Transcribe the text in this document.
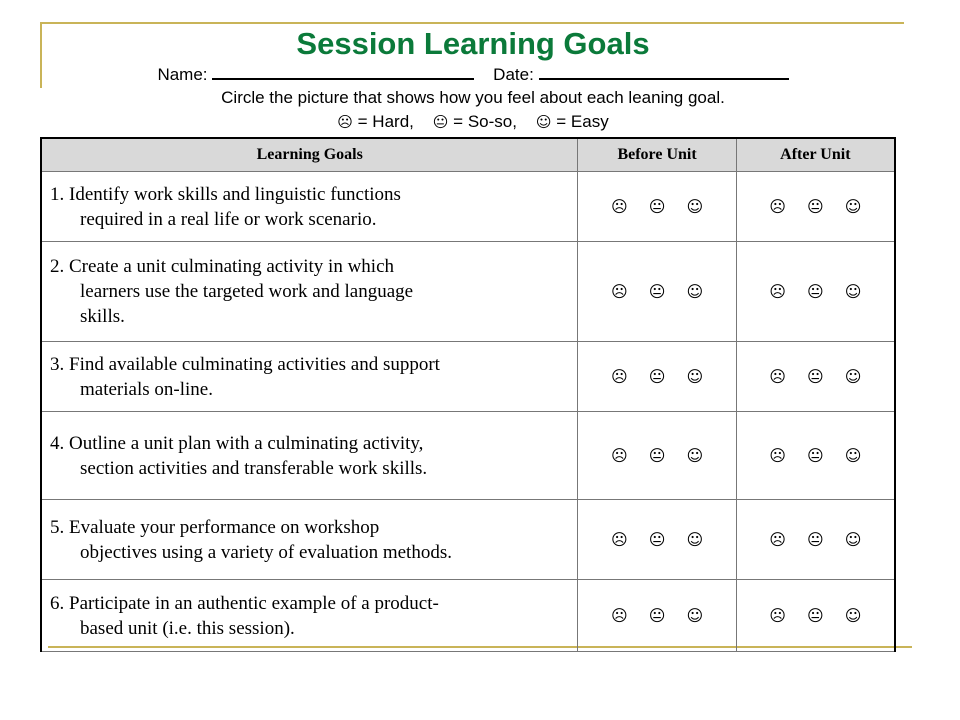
Session Learning Goals
Name:	Date:
Circle the picture that shows how you feel about each leaning goal.
☹ = Hard, 😐 = So-so, ☺ = Easy
Learning Goals	Before Unit	After Unit

1. Identify work skills and linguistic functions
required in a real life or work scenario.	☹ 😐 ☺	☹ 😐 ☺

2. Create a unit culminating activity in which
learners use the targeted work and language
skills.	☹ 😐 ☺	☹ 😐 ☺

3. Find available culminating activities and support
materials on-line.	☹ 😐 ☺	☹ 😐 ☺

4. Outline a unit plan with a culminating activity,
section activities and transferable work skills.	☹ 😐 ☺	☹ 😐 ☺

5. Evaluate your performance on workshop
objectives using a variety of evaluation methods.	☹ 😐 ☺	☹ 😐 ☺

6. Participate in an authentic example of a product-
based unit (i.e. this session).	☹ 😐 ☺	☹ 😐 ☺
